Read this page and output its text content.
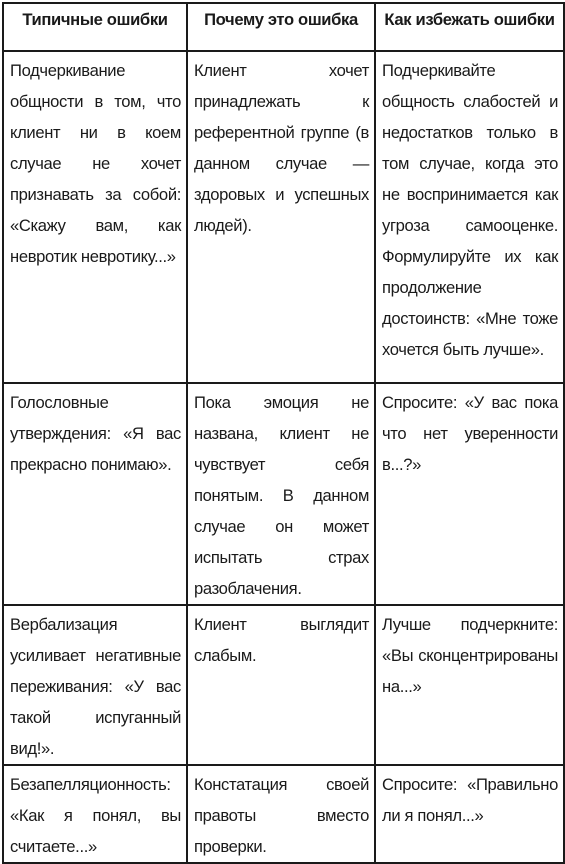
Типичные ошибки	Почему это ошибка	Как избежать ошибки
Подчеркивание общности в том, что клиент ни в коем случае не хочет признавать за собой: «Скажу вам, как невротик невротику...»	Клиент хочет принадлежать к референтной группе (в данном случае — здоровых и успешных людей).	Подчеркивайте общность слабостей и недостатков только в том случае, когда это не воспринимается как угроза самооценке. Формулируйте их как продолжение достоинств: «Мне тоже хочется быть лучше».
Голословные утверждения: «Я вас прекрасно понимаю».	Пока эмоция не названа, клиент не чувствует себя понятым. В данном случае он может испытать страх разоблачения.	Спросите: «У вас пока что нет уверенности в...?»
Вербализация усиливает негативные переживания: «У вас такой испуганный вид!».	Клиент выглядит слабым.	Лучше подчеркните: «Вы сконцентрированы на...»
Безапелляционность: «Как я понял, вы считаете...»	Констатация своей правоты вместо проверки.	Спросите: «Правильно ли я понял...»
